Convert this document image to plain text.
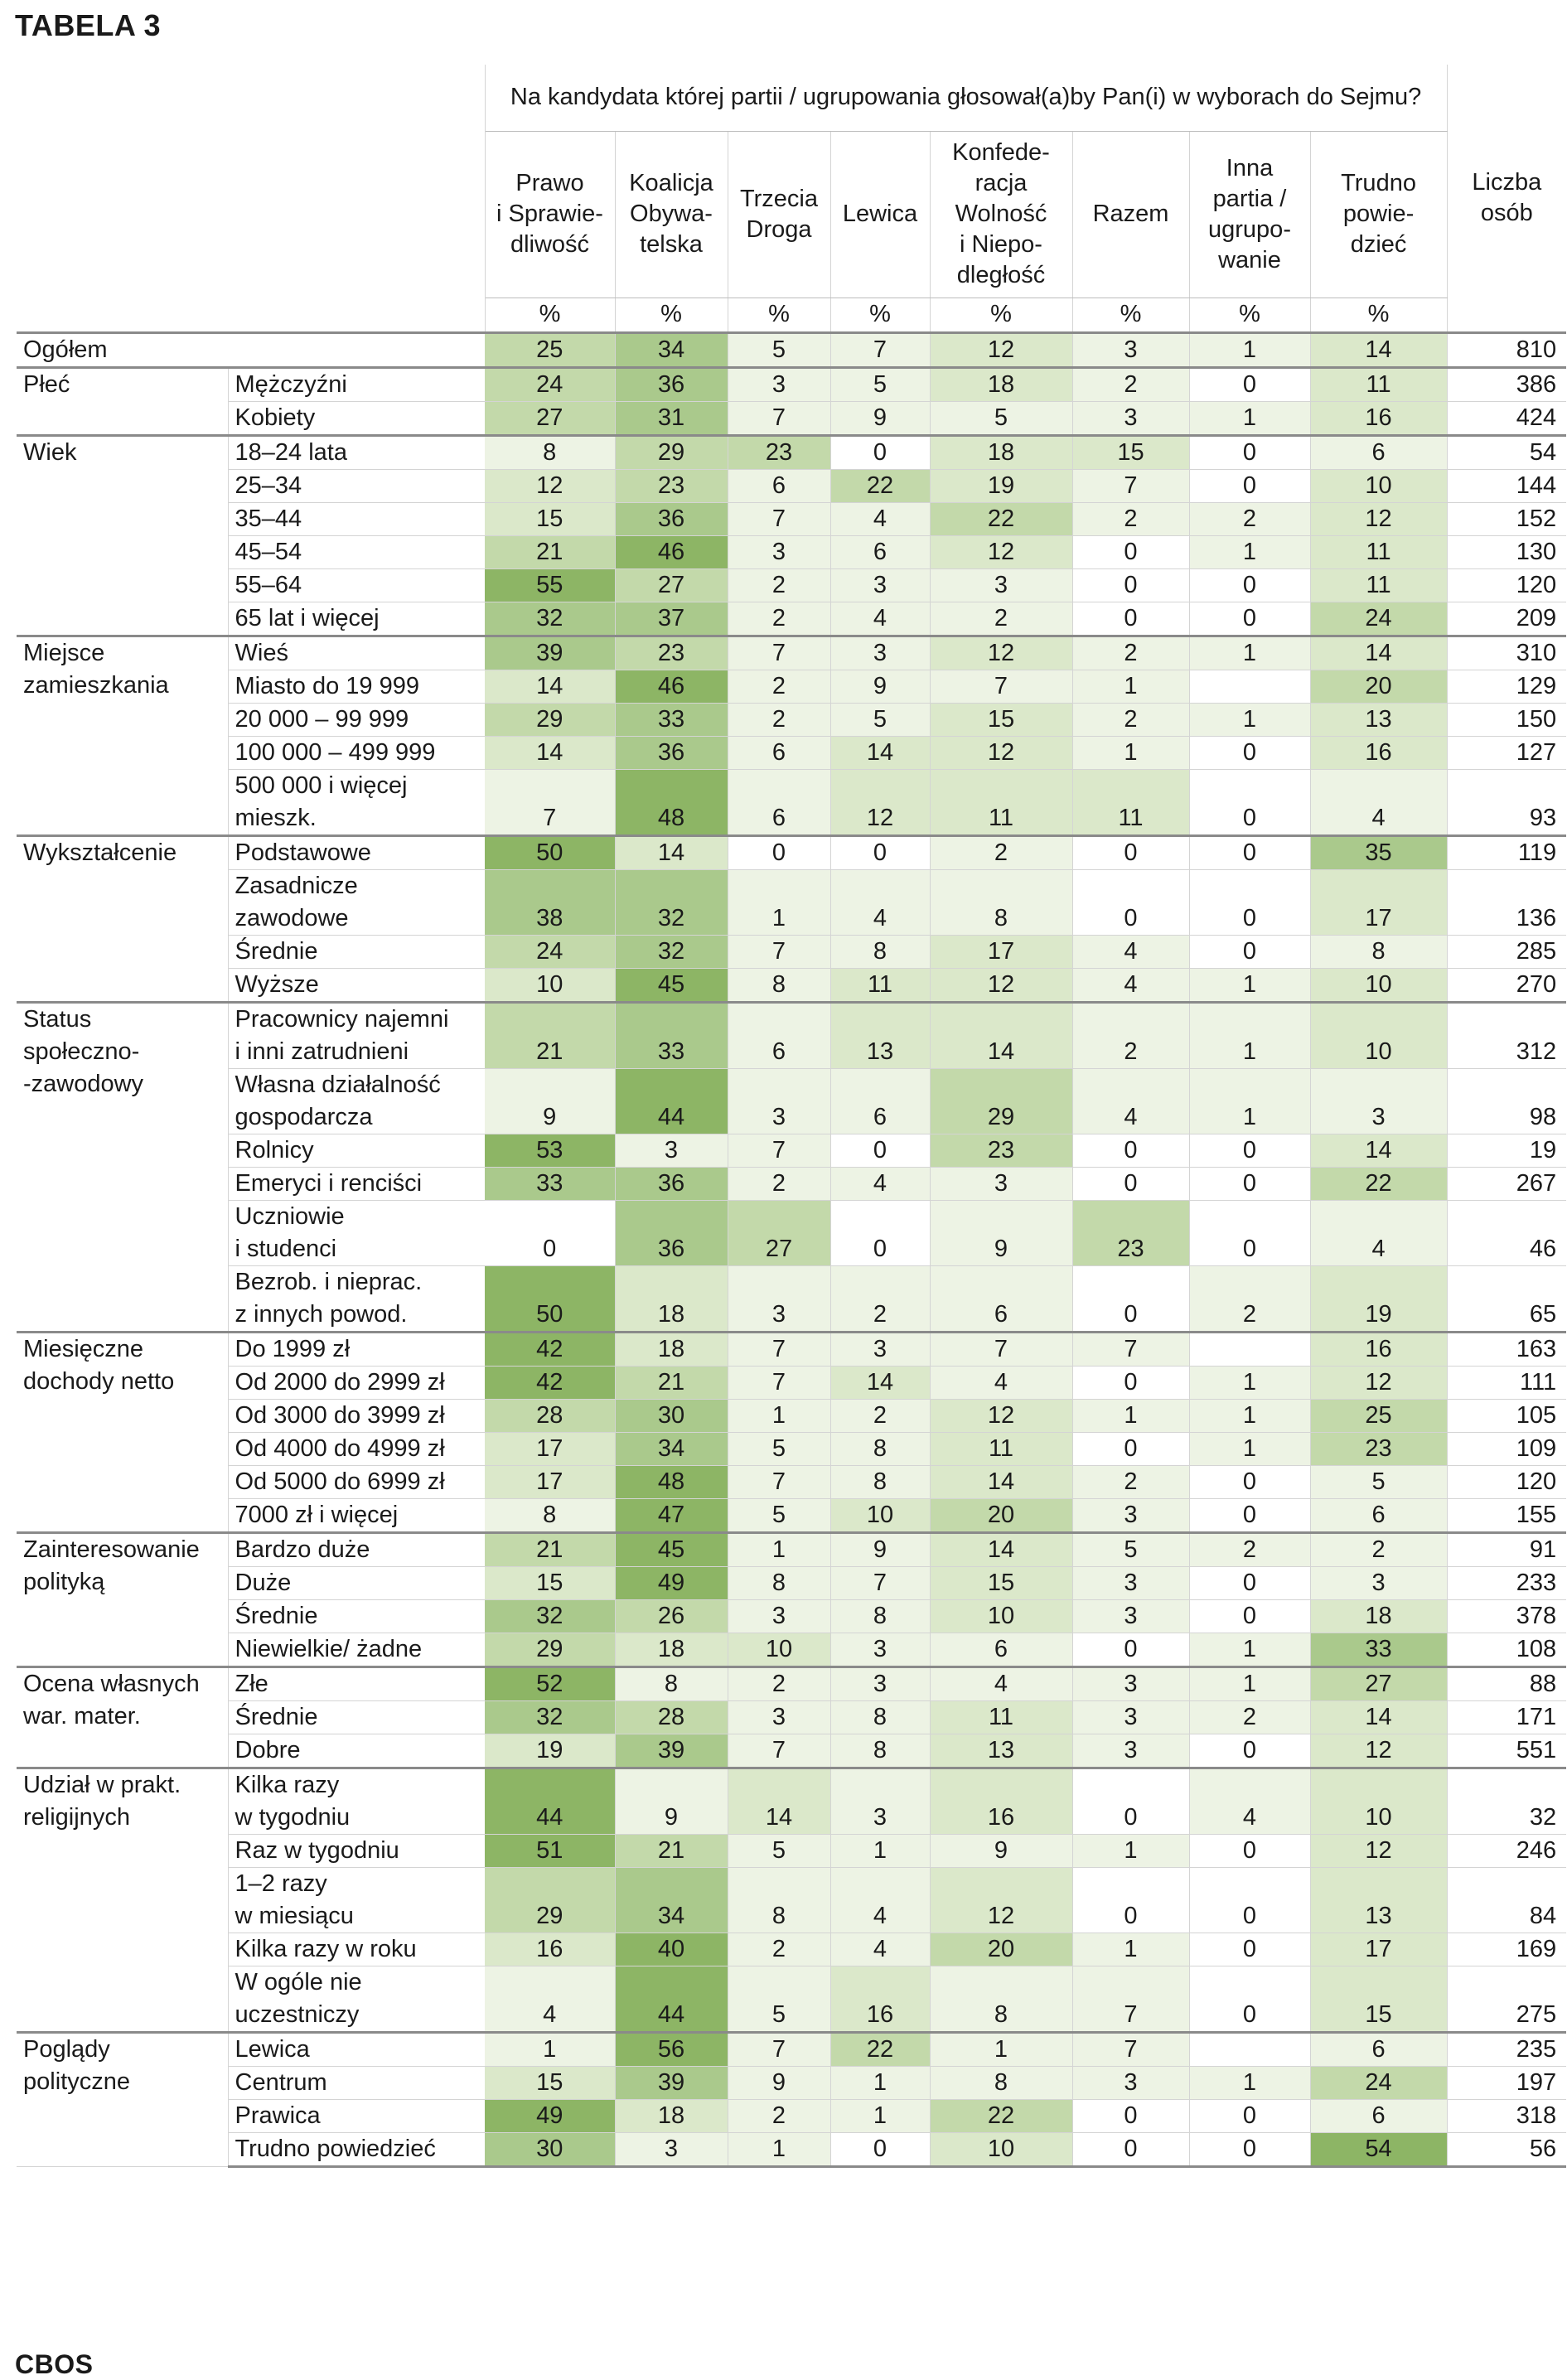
TABELA 3
		Na kandydata której partii / ugrupowania głosował(a)by Pan(i) w wyborach do Sejmu?								Liczba
osób
		Prawo
i Sprawie-
dliwość	Koalicja
Obywa-
telska	Trzecia
Droga	Lewica	Konfede-
racja
Wolność
i Niepo-
dległość	Razem	Inna
partia /
ugrupo-
wanie	Trudno
powie-
dzieć	
		%	%	%	%	%	%	%	%	
Ogółem		25	34	5	7	12	3	1	14	810

Płeć	Mężczyźni	24	36	3	5	18	2	0	11	386

	Kobiety	27	31	7	9	5	3	1	16	424

Wiek	18–24 lata	8	29	23	0	18	15	0	6	54

	25–34	12	23	6	22	19	7	0	10	144

	35–44	15	36	7	4	22	2	2	12	152

	45–54	21	46	3	6	12	0	1	11	130

	55–64	55	27	2	3	3	0	0	11	120

	65 lat i więcej	32	37	2	4	2	0	0	24	209

Miejsce
zamieszkania	Wieś	39	23	7	3	12	2	1	14	310

	Miasto do 19 999	14	46	2	9	7	1		20	129

	20 000 – 99 999	29	33	2	5	15	2	1	13	150

	100 000 – 499 999	14	36	6	14	12	1	0	16	127

	500 000 i więcej
mieszk.	7	48	6	12	11	11	0	4	93

Wykształcenie	Podstawowe	50	14	0	0	2	0	0	35	119

	Zasadnicze
zawodowe	38	32	1	4	8	0	0	17	136

	Średnie	24	32	7	8	17	4	0	8	285

	Wyższe	10	45	8	11	12	4	1	10	270

Status
społeczno-
-zawodowy	Pracownicy najemni
i inni zatrudnieni	21	33	6	13	14	2	1	10	312

	Własna działalność
gospodarcza	9	44	3	6	29	4	1	3	98

	Rolnicy	53	3	7	0	23	0	0	14	19

	Emeryci i renciści	33	36	2	4	3	0	0	22	267

	Uczniowie
i studenci	0	36	27	0	9	23	0	4	46

	Bezrob. i nieprac.
z innych powod.	50	18	3	2	6	0	2	19	65

Miesięczne
dochody netto	Do 1999 zł	42	18	7	3	7	7		16	163

	Od 2000 do 2999 zł	42	21	7	14	4	0	1	12	111

	Od 3000 do 3999 zł	28	30	1	2	12	1	1	25	105

	Od 4000 do 4999 zł	17	34	5	8	11	0	1	23	109

	Od 5000 do 6999 zł	17	48	7	8	14	2	0	5	120

	7000 zł i więcej	8	47	5	10	20	3	0	6	155

Zainteresowanie
polityką	Bardzo duże	21	45	1	9	14	5	2	2	91

	Duże	15	49	8	7	15	3	0	3	233

	Średnie	32	26	3	8	10	3	0	18	378

	Niewielkie/ żadne	29	18	10	3	6	0	1	33	108

Ocena własnych
war. mater.	Złe	52	8	2	3	4	3	1	27	88

	Średnie	32	28	3	8	11	3	2	14	171

	Dobre	19	39	7	8	13	3	0	12	551

Udział w prakt.
religijnych	Kilka razy
w tygodniu	44	9	14	3	16	0	4	10	32

	Raz w tygodniu	51	21	5	1	9	1	0	12	246

	1–2 razy
w miesiącu	29	34	8	4	12	0	0	13	84

	Kilka razy w roku	16	40	2	4	20	1	0	17	169

	W ogóle nie
uczestniczy	4	44	5	16	8	7	0	15	275

Poglądy
polityczne	Lewica	1	56	7	22	1	7		6	235

	Centrum	15	39	9	1	8	3	1	24	197

	Prawica	49	18	2	1	22	0	0	6	318

	Trudno powiedzieć	30	3	1	0	10	0	0	54	56
CBOS
